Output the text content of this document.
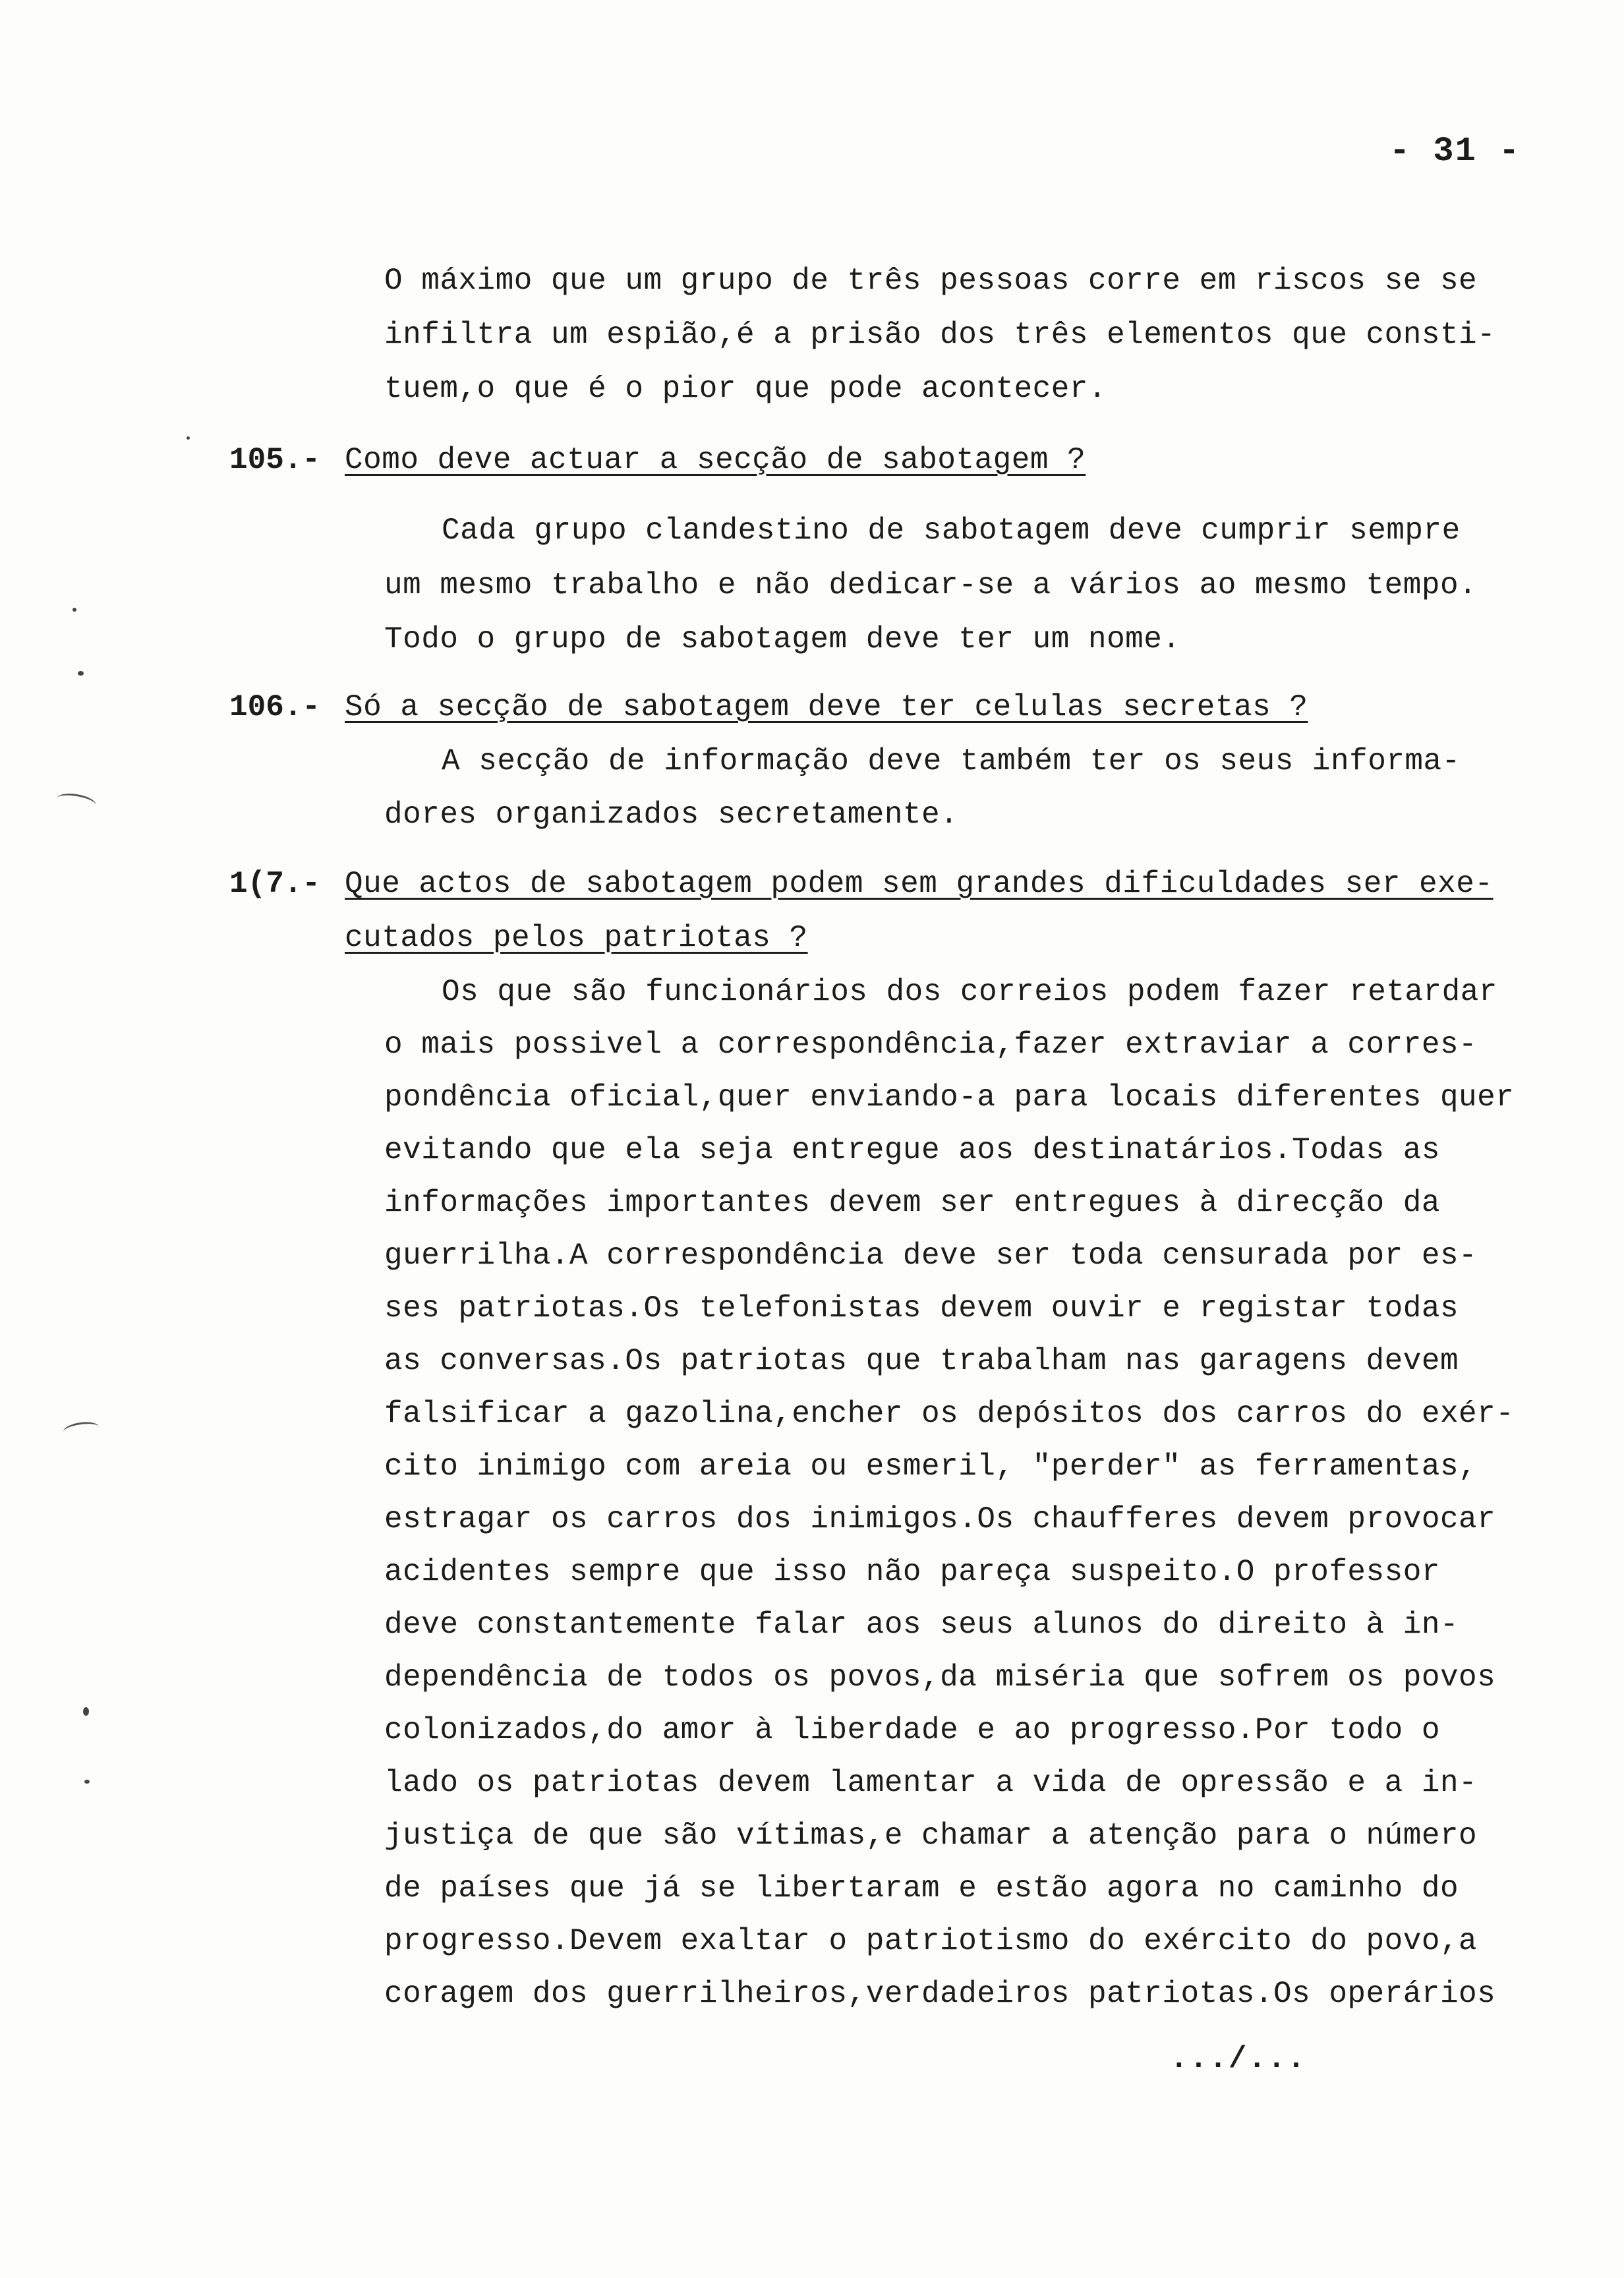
- 31 -
O máximo que um grupo de três pessoas corre em riscos se se
infiltra um espião,é a prisão dos três elementos que consti-
tuem,o que é o pior que pode acontecer.
105.- Como deve actuar a secção de sabotagem ?
Cada grupo clandestino de sabotagem deve cumprir sempre
um mesmo trabalho e não dedicar-se a vários ao mesmo tempo.
Todo o grupo de sabotagem deve ter um nome.
106.- Só a secção de sabotagem deve ter celulas secretas ?
A secção de informação deve também ter os seus informa-
dores organizados secretamente.
1(7.- Que actos de sabotagem podem sem grandes dificuldades ser exe-
cutados pelos patriotas ?
Os que são funcionários dos correios podem fazer retardar
o mais possivel a correspondência,fazer extraviar a corres-
pondência oficial,quer enviando-a para locais diferentes quer
evitando que ela seja entregue aos destinatários.Todas as
informações importantes devem ser entregues à direcção da
guerrilha.A correspondência deve ser toda censurada por es-
ses patriotas.Os telefonistas devem ouvir e registar todas
as conversas.Os patriotas que trabalham nas garagens devem
falsificar a gazolina,encher os depósitos dos carros do exér-
cito inimigo com areia ou esmeril, "perder" as ferramentas,
estragar os carros dos inimigos.Os chaufferes devem provocar
acidentes sempre que isso não pareça suspeito.O professor
deve constantemente falar aos seus alunos do direito à in-
dependência de todos os povos,da miséria que sofrem os povos
colonizados,do amor à liberdade e ao progresso.Por todo o
lado os patriotas devem lamentar a vida de opressão e a in-
justiça de que são vítimas,e chamar a atenção para o número
de países que já se libertaram e estão agora no caminho do
progresso.Devem exaltar o patriotismo do exército do povo,a
coragem dos guerrilheiros,verdadeiros patriotas.Os operários
.../...
